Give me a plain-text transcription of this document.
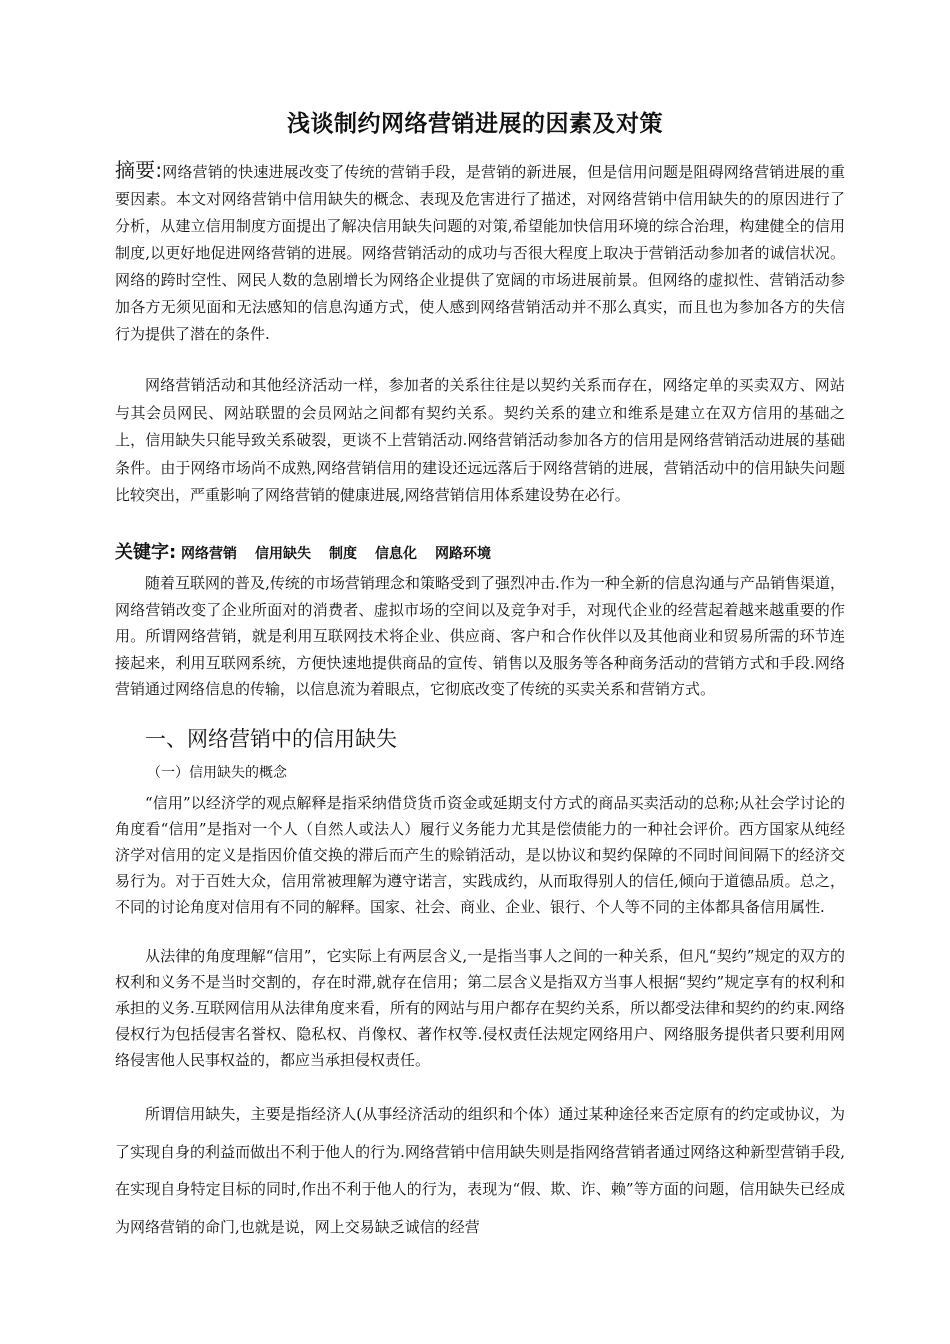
浅谈制约网络营销进展的因素及对策
摘要:网络营销的快速进展改变了传统的营销手段，是营销的新进展，但是信用问题是阻碍网络营销进展的重要因素。本文对网络营销中信用缺失的概念、表现及危害进行了描述，对网络营销中信用缺失的的原因进行了分析，从建立信用制度方面提出了解决信用缺失问题的对策,希望能加快信用环境的综合治理，构建健全的信用制度,以更好地促进网络营销的进展。网络营销活动的成功与否很大程度上取决于营销活动参加者的诚信状况。网络的跨时空性、网民人数的急剧增长为网络企业提供了宽阔的市场进展前景。但网络的虚拟性、营销活动参加各方无须见面和无法感知的信息沟通方式，使人感到网络营销活动并不那么真实，而且也为参加各方的失信行为提供了潜在的条件.
网络营销活动和其他经济活动一样，参加者的关系往往是以契约关系而存在，网络定单的买卖双方、网站与其会员网民、网站联盟的会员网站之间都有契约关系。契约关系的建立和维系是建立在双方信用的基础之上，信用缺失只能导致关系破裂，更谈不上营销活动.网络营销活动参加各方的信用是网络营销活动进展的基础条件。由于网络市场尚不成熟,网络营销信用的建设还远远落后于网络营销的进展，营销活动中的信用缺失问题比较突出，严重影响了网络营销的健康进展,网络营销信用体系建设势在必行。
关键字: 网络营销 信用缺失 制度 信息化 网路环境
随着互联网的普及,传统的市场营销理念和策略受到了强烈冲击.作为一种全新的信息沟通与产品销售渠道，网络营销改变了企业所面对的消费者、虚拟市场的空间以及竞争对手，对现代企业的经营起着越来越重要的作用。所谓网络营销，就是利用互联网技术将企业、供应商、客户和合作伙伴以及其他商业和贸易所需的环节连接起来，利用互联网系统，方便快速地提供商品的宣传、销售以及服务等各种商务活动的营销方式和手段.网络营销通过网络信息的传输，以信息流为着眼点，它彻底改变了传统的买卖关系和营销方式。
一、网络营销中的信用缺失
（一）信用缺失的概念
“信用”以经济学的观点解释是指采纳借贷货币资金或延期支付方式的商品买卖活动的总称;从社会学讨论的角度看“信用”是指对一个人（自然人或法人）履行义务能力尤其是偿债能力的一种社会评价。西方国家从纯经济学对信用的定义是指因价值交换的滞后而产生的赊销活动，是以协议和契约保障的不同时间间隔下的经济交易行为。对于百姓大众，信用常被理解为遵守诺言，实践成约，从而取得别人的信任,倾向于道德品质。总之，不同的讨论角度对信用有不同的解释。国家、社会、商业、企业、银行、个人等不同的主体都具备信用属性.
从法律的角度理解“信用”，它实际上有两层含义,一是指当事人之间的一种关系，但凡“契约”规定的双方的权利和义务不是当时交割的，存在时滞,就存在信用；第二层含义是指双方当事人根据“契约”规定享有的权利和承担的义务.互联网信用从法律角度来看，所有的网站与用户都存在契约关系，所以都受法律和契约的约束.网络侵权行为包括侵害名誉权、隐私权、肖像权、著作权等.侵权责任法规定网络用户、网络服务提供者只要利用网络侵害他人民事权益的，都应当承担侵权责任。
所谓信用缺失，主要是指经济人(从事经济活动的组织和个体）通过某种途径来否定原有的约定或协议，为了实现自身的利益而做出不利于他人的行为.网络营销中信用缺失则是指网络营销者通过网络这种新型营销手段,在实现自身特定目标的同时,作出不利于他人的行为，表现为“假、欺、诈、赖”等方面的问题，信用缺失已经成为网络营销的命门,也就是说，网上交易缺乏诚信的经营
